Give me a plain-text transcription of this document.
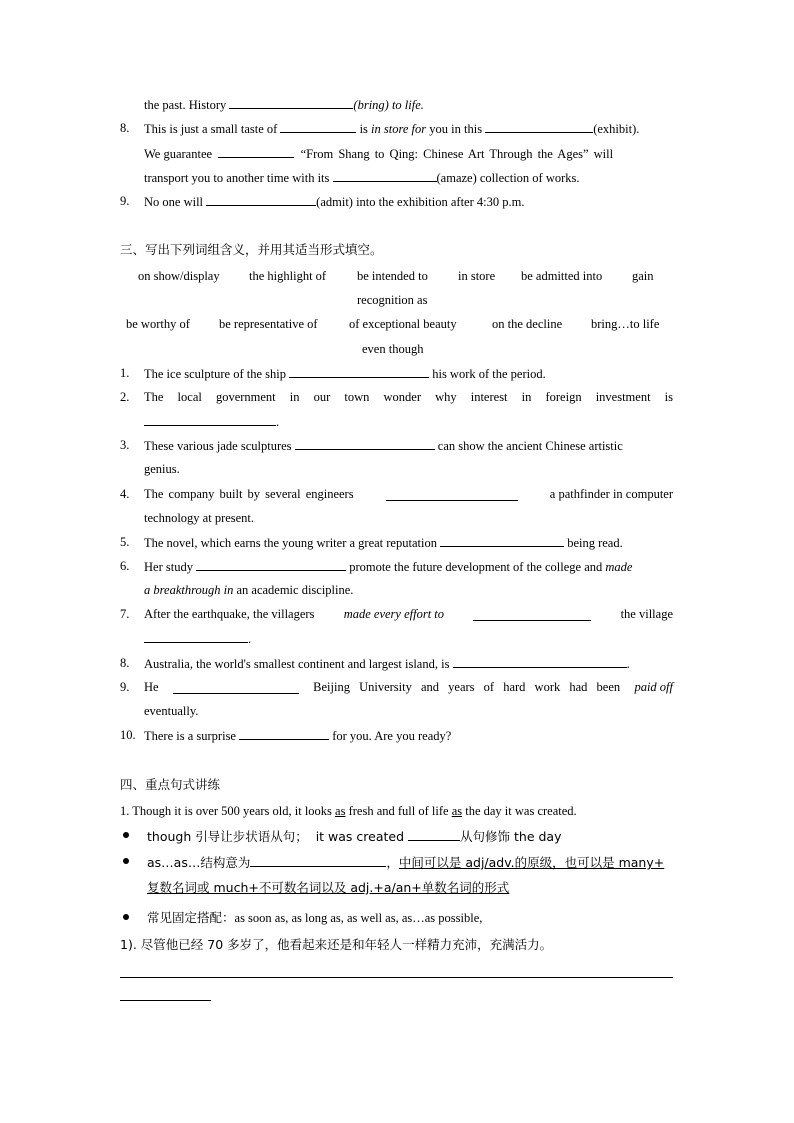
the past. History	(bring) to life.
8. This is just a small taste of	is in store for you in this	(exhibit).
We guarantee	“From Shang to Qing: Chinese Art Through the Ages” will
transport you to another time with its	(amaze) collection of works.
9. No one will	(admit) into the exhibition after 4:30 p.m.
三、写出下列词组含义，并用其适当形式填空。
on show/display the highlight of be intended to in store be admitted into gain
recognition as
be worthy of be representative of	of exceptional beauty	on the decline bring…to life
even though
1. The ice sculpture of the ship	his work of the period.
2. The local government in our town wonder why interest in foreign investment is
.
3. These various jade sculptures	can show the ancient Chinese artistic
genius.
4. The company built by several engineers	a pathfinder in computer
technology at present.
5. The novel, which earns the young writer a great reputation	being read.
6. Her study	promote the future development of the college and made
a breakthrough in an academic discipline.
7. After the earthquake, the villagers made every effort to	the village
.
8. Australia, the world's smallest continent and largest island, is	.
9. He	Beijing University and years of hard work had been paid off
eventually.
10. There is a surprise	for you. Are you ready?
四、重点句式讲练
1. Though it is over 500 years old, it looks as fresh and full of life as the day it was created.
though 引导让步状语从句； it was created	从句修饰 the day
as…as…结构意为	，中间可以是 adj/adv.的原级，也可以是 many+
复数名词或 much+不可数名词以及 adj.+a/an+单数名词的形式
常见固定搭配：as soon as, as long as, as well as, as…as possible,
1). 尽管他已经 70 多岁了，他看起来还是和年轻人一样精力充沛，充满活力。
